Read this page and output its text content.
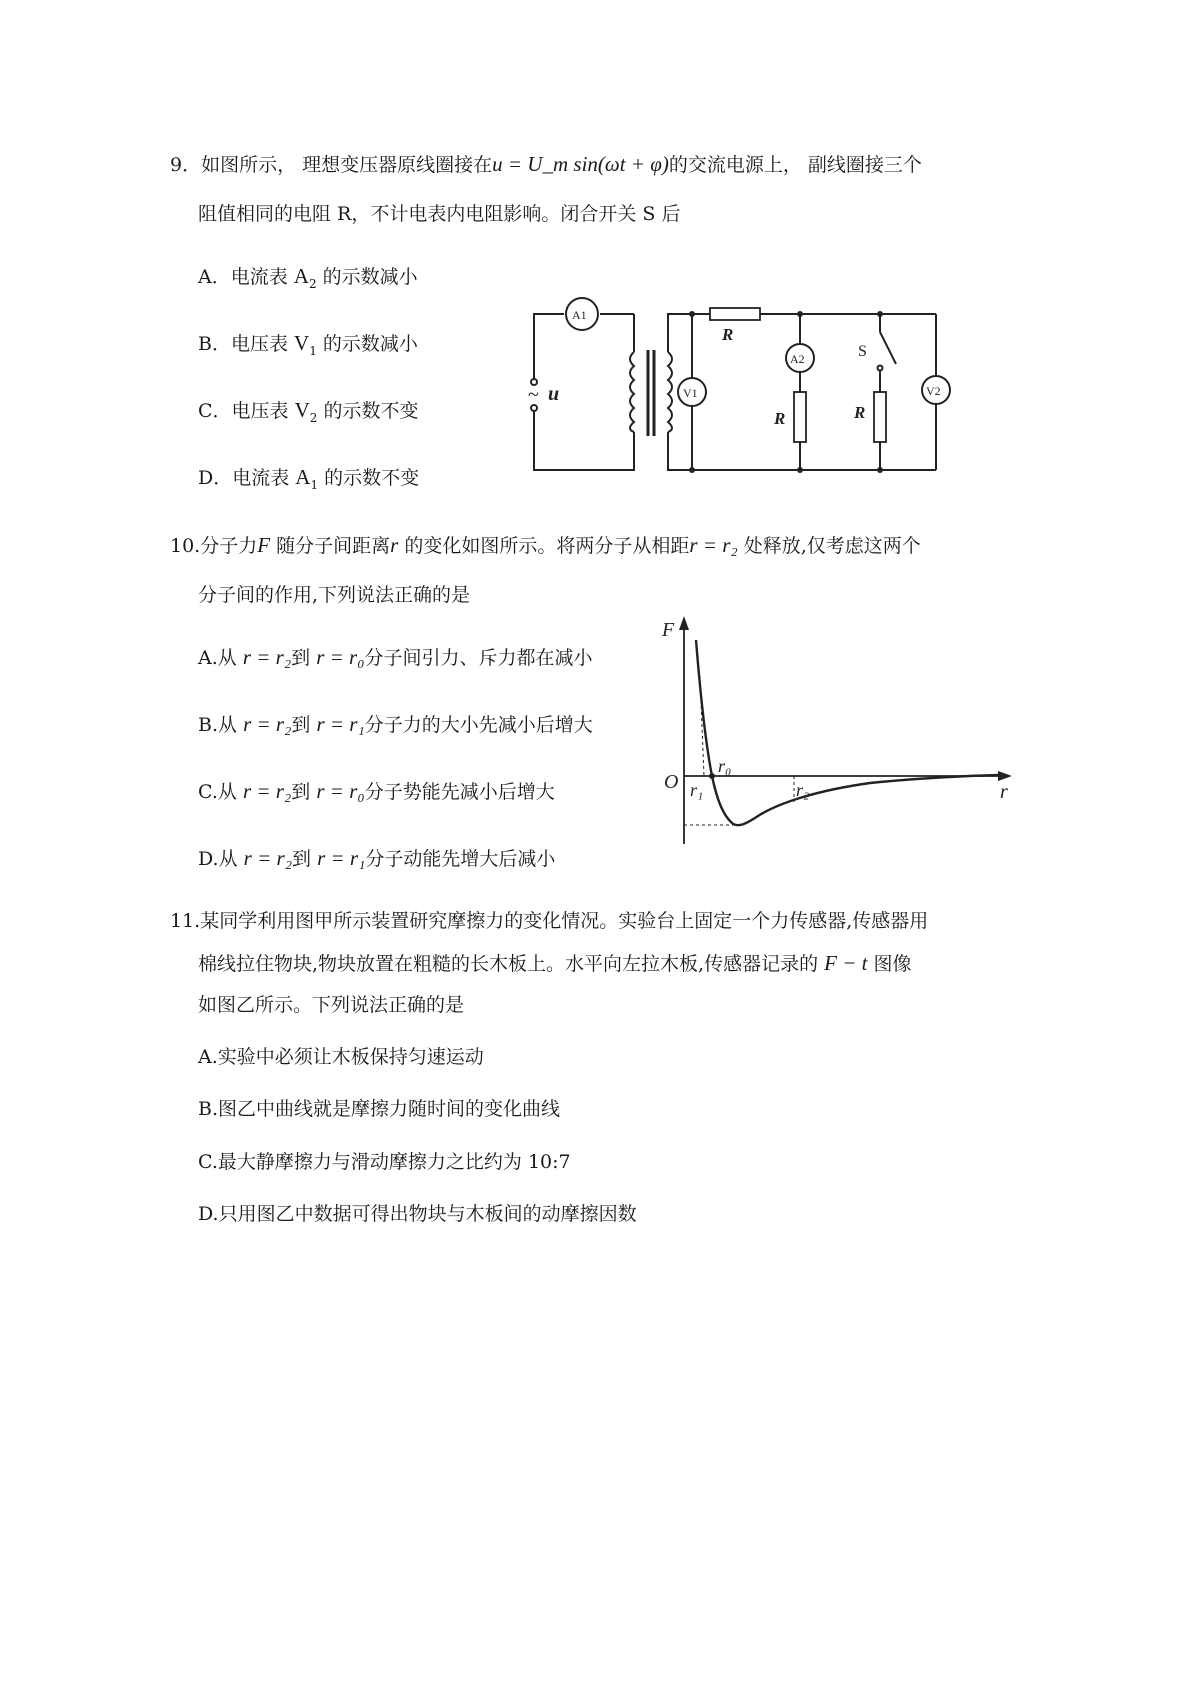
9．如图所示， 理想变压器原线圈接在u = U_m sin(ωt + φ)的交流电源上， 副线圈接三个
阻值相同的电阻 R，不计电表内电阻影响。闭合开关 S 后
A．电流表 $A_2$ 的示数减小
B．电压表 $V_1$ 的示数减小
C．电压表 $V_2$ 的示数不变
D．电流表 $A_1$ 的示数不变
~ u
R
R	R
S
A1
V1
A2
V2
10.分子力F 随分子间距离r 的变化如图所示。将两分子从相距r = r₂ 处释放,仅考虑这两个
分子间的作用,下列说法正确的是
A.从 r = r₂到 r = r₀分子间引力、斥力都在减小
B.从 r = r₂到 r = r₁分子力的大小先减小后增大
C.从 r = r₂到 r = r₀分子势能先减小后增大
D.从 r = r₂到 r = r₁分子动能先增大后减小
F
r
O
r₀
r₁	r₂
11.某同学利用图甲所示装置研究摩擦力的变化情况。实验台上固定一个力传感器,传感器用
棉线拉住物块,物块放置在粗糙的长木板上。水平向左拉木板,传感器记录的 F − t 图像
如图乙所示。下列说法正确的是
A.实验中必须让木板保持匀速运动
B.图乙中曲线就是摩擦力随时间的变化曲线
C.最大静摩擦力与滑动摩擦力之比约为 10:7
D.只用图乙中数据可得出物块与木板间的动摩擦因数
